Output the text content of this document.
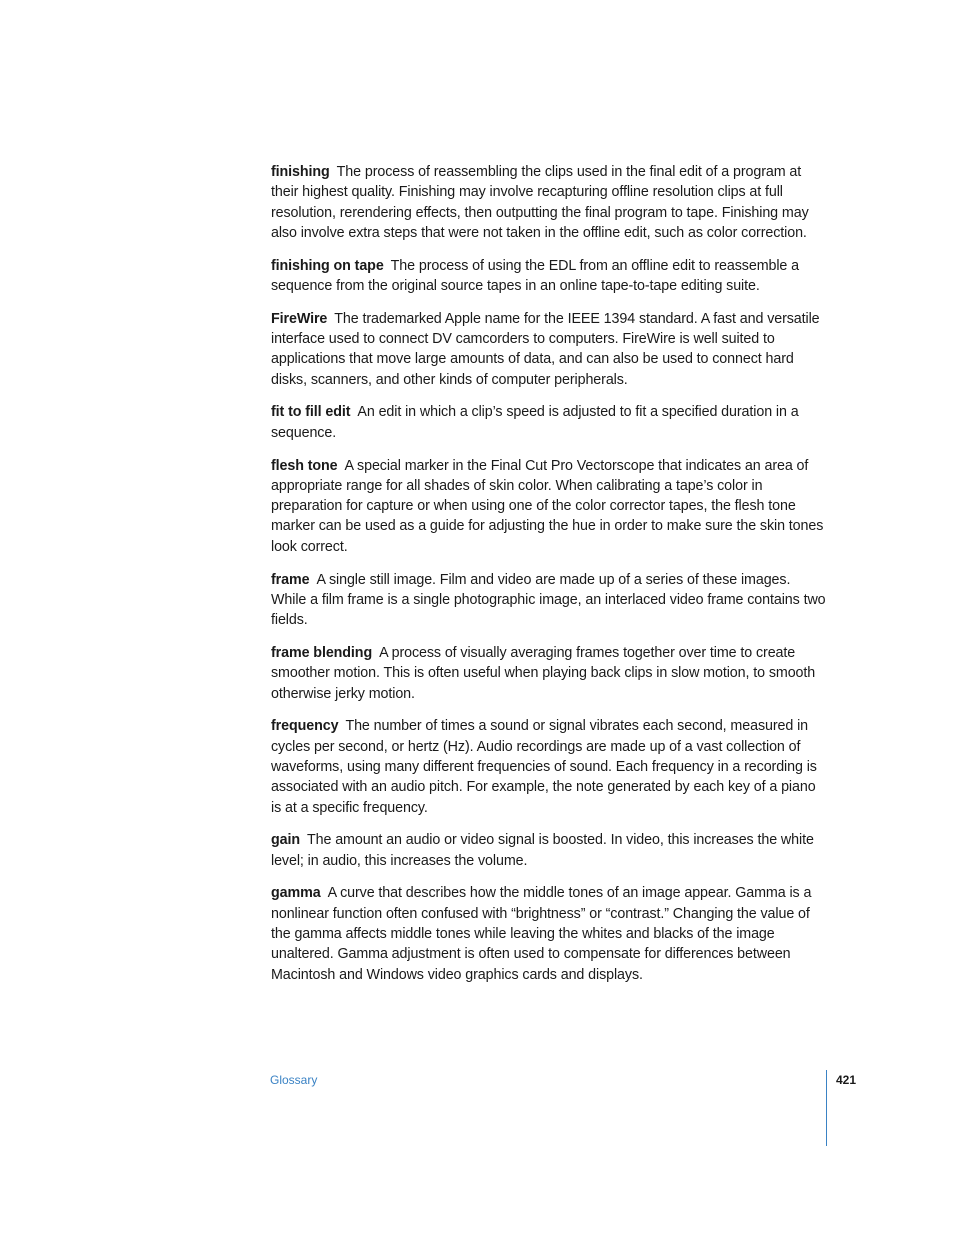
finishing The process of reassembling the clips used in the final edit of a program at their highest quality. Finishing may involve recapturing offline resolution clips at full resolution, rerendering effects, then outputting the final program to tape. Finishing may also involve extra steps that were not taken in the offline edit, such as color correction.

finishing on tape The process of using the EDL from an offline edit to reassemble a sequence from the original source tapes in an online tape-to-tape editing suite.

FireWire The trademarked Apple name for the IEEE 1394 standard. A fast and versatile interface used to connect DV camcorders to computers. FireWire is well suited to applications that move large amounts of data, and can also be used to connect hard disks, scanners, and other kinds of computer peripherals.

fit to fill edit An edit in which a clip’s speed is adjusted to fit a specified duration in a sequence.

flesh tone A special marker in the Final Cut Pro Vectorscope that indicates an area of appropriate range for all shades of skin color. When calibrating a tape’s color in preparation for capture or when using one of the color corrector tapes, the flesh tone marker can be used as a guide for adjusting the hue in order to make sure the skin tones look correct.

frame A single still image. Film and video are made up of a series of these images. While a film frame is a single photographic image, an interlaced video frame contains two fields.

frame blending A process of visually averaging frames together over time to create smoother motion. This is often useful when playing back clips in slow motion, to smooth otherwise jerky motion.

frequency The number of times a sound or signal vibrates each second, measured in cycles per second, or hertz (Hz). Audio recordings are made up of a vast collection of waveforms, using many different frequencies of sound. Each frequency in a recording is associated with an audio pitch. For example, the note generated by each key of a piano is at a specific frequency.

gain The amount an audio or video signal is boosted. In video, this increases the white level; in audio, this increases the volume.

gamma A curve that describes how the middle tones of an image appear. Gamma is a nonlinear function often confused with “brightness” or “contrast.” Changing the value of the gamma affects middle tones while leaving the whites and blacks of the image unaltered. Gamma adjustment is often used to compensate for differences between Macintosh and Windows video graphics cards and displays.

Glossary	421
